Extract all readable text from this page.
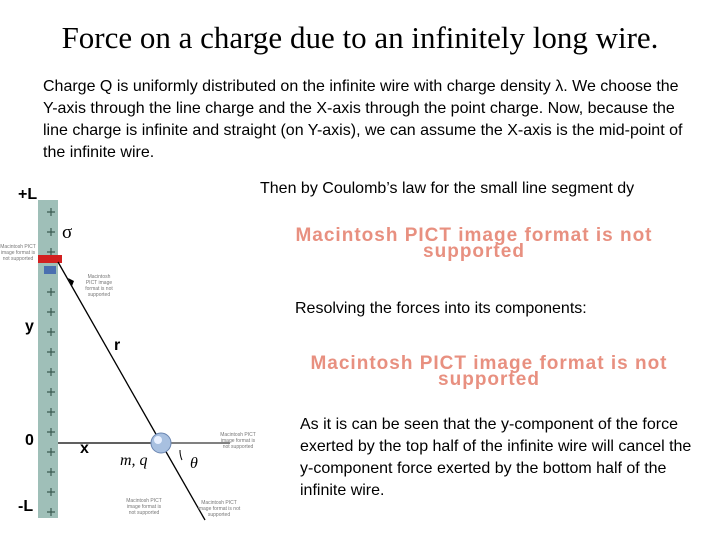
Force on a charge due to an infinitely long wire.
Charge Q is uniformly distributed on the infinite wire with charge density λ. We choose the Y-axis through the line charge and the X-axis through the point charge. Now, because the line charge is infinite and straight (on Y-axis), we can assume the X-axis is the mid-point of the infinite wire.
Then by Coulomb’s law for the small line segment dy
Resolving the forces into its components:
As it is can be seen that the y-component of the force exerted by the top half of the infinite wire will cancel the y-component force exerted by the bottom half of the infinite wire.
+L
-L
y
0
r
x
σ
m, q	θ
Macintosh PICT image format is not supported
Macintosh PICT image format is not supported
Macintosh PICT image format is not supported
Macintosh PICT image format is not supported
Macintosh PICT image format is not supported
Macintosh PICT image format is not supported
Macintosh PICT image format is not supported
